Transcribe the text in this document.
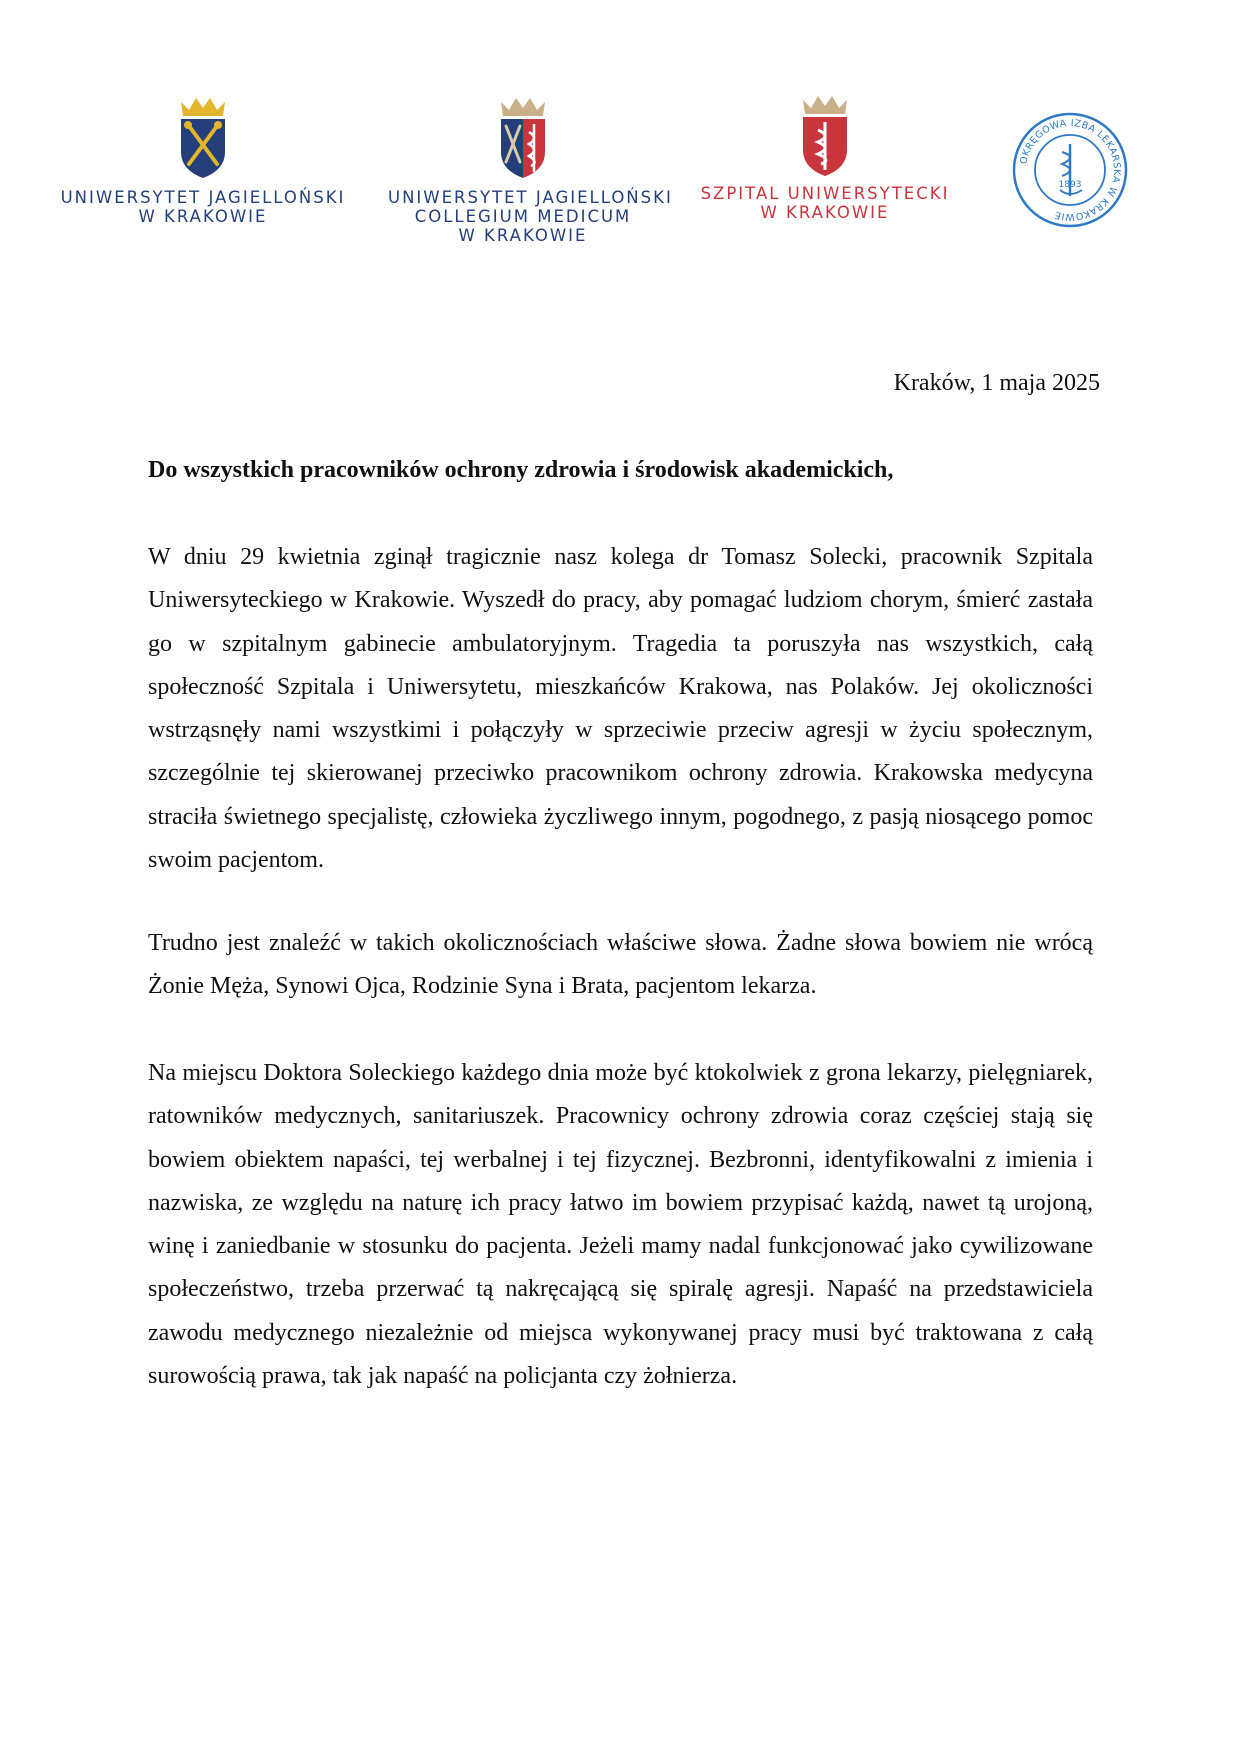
UNIWERSYTET JAGIELLOŃSKI
W KRAKOWIE
UNIWERSYTET JAGIELLOŃSKI
COLLEGIUM MEDICUM
W KRAKOWIE
SZPITAL UNIWERSYTECKI
W KRAKOWIE
OKRĘGOWA IZBA LEKARSKA W KRAKOWIE
1893
Kraków, 1 maja 2025
Do wszystkich pracowników ochrony zdrowia i środowisk akademickich,

W dniu 29 kwietnia zginął tragicznie nasz kolega dr Tomasz Solecki, pracownik Szpitala Uniwersyteckiego w Krakowie. Wyszedł do pracy, aby pomagać ludziom chorym, śmierć zastała go w szpitalnym gabinecie ambulatoryjnym. Tragedia ta poruszyła nas wszystkich, całą społeczność Szpitala i Uniwersytetu, mieszkańców Krakowa, nas Polaków. Jej okoliczności wstrząsnęły nami wszystkimi i połączyły w sprzeciwie przeciw agresji w życiu społecznym, szczególnie tej skierowanej przeciwko pracownikom ochrony zdrowia. Krakowska medycyna straciła świetnego specjalistę, człowieka życzliwego innym, pogodnego, z pasją niosącego pomoc swoim pacjentom.

Trudno jest znaleźć w takich okolicznościach właściwe słowa. Żadne słowa bowiem nie wrócą Żonie Męża, Synowi Ojca, Rodzinie Syna i Brata, pacjentom lekarza.

Na miejscu Doktora Soleckiego każdego dnia może być ktokolwiek z grona lekarzy, pielęgniarek, ratowników medycznych, sanitariuszek. Pracownicy ochrony zdrowia coraz częściej stają się bowiem obiektem napaści, tej werbalnej i tej fizycznej. Bezbronni, identyfikowalni z imienia i nazwiska, ze względu na naturę ich pracy łatwo im bowiem przypisać każdą, nawet tą urojoną, winę i zaniedbanie w stosunku do pacjenta. Jeżeli mamy nadal funkcjonować jako cywilizowane społeczeństwo, trzeba przerwać tą nakręcającą się spiralę agresji. Napaść na przedstawiciela zawodu medycznego niezależnie od miejsca wykonywanej pracy musi być traktowana z całą surowością prawa, tak jak napaść na policjanta czy żołnierza.
